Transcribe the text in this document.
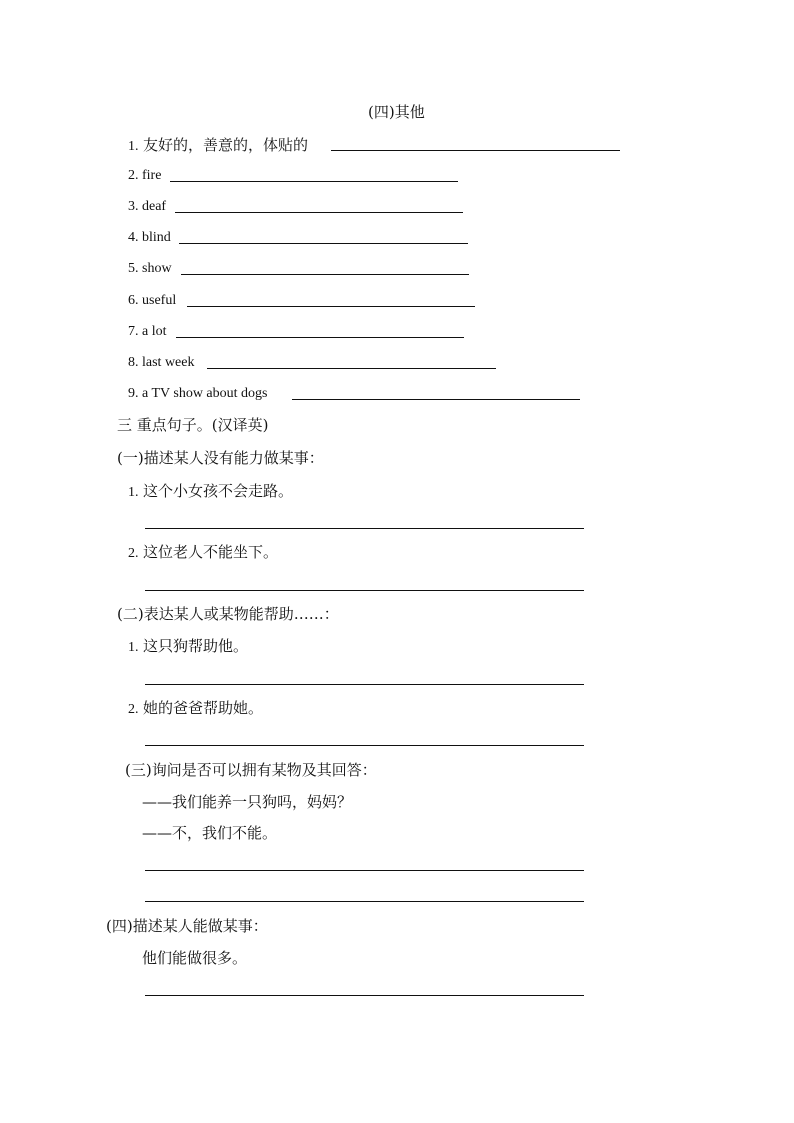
(四)其他
1. 友好的，善意的，体贴的
2. fire
3. deaf
4. blind
5. show
6. useful
7. a lot
8. last week
9. a TV show about dogs
三 重点句子。(汉译英)
(一)描述某人没有能力做某事：
1. 这个小女孩不会走路。
2. 这位老人不能坐下。
(二)表达某人或某物能帮助……：
1. 这只狗帮助他。
2. 她的爸爸帮助她。
(三)询问是否可以拥有某物及其回答：
——我们能养一只狗吗，妈妈？
——不，我们不能。
(四)描述某人能做某事：
他们能做很多。
